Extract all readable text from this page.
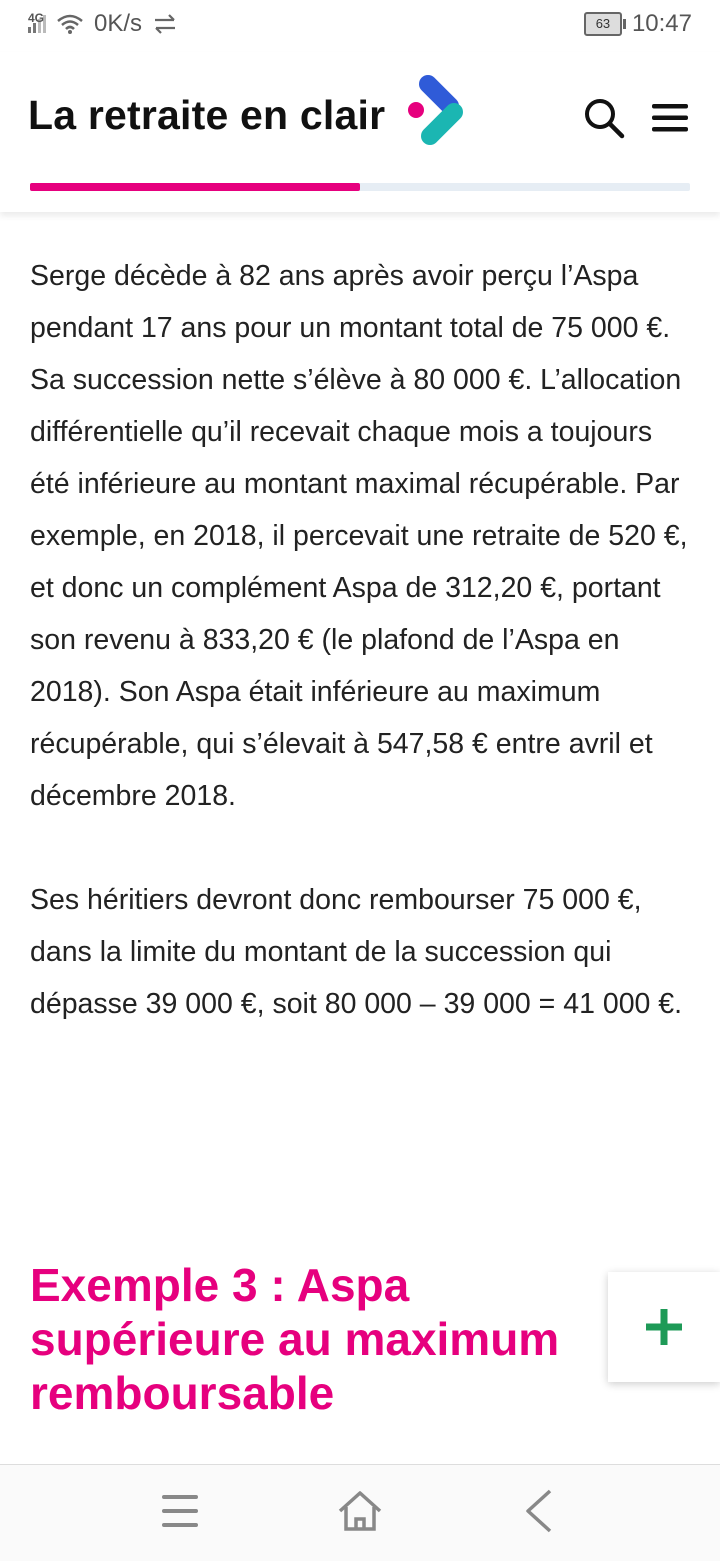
4G 0K/s	63 10:47
La retraite en clair

Serge décède à 82 ans après avoir perçu l’Aspa pendant 17 ans pour un montant total de 75 000 €. Sa succession nette s’élève à 80 000 €. L’allocation différentielle qu’il recevait chaque mois a toujours été inférieure au montant maximal récupérable. Par exemple, en 2018, il percevait une retraite de 520 €, et donc un complément Aspa de 312,20 €, portant son revenu à 833,20 € (le plafond de l’Aspa en 2018). Son Aspa était inférieure au maximum récupérable, qui s’élevait à 547,58 € entre avril et décembre 2018.

Ses héritiers devront donc rembourser 75 000 €, dans la limite du montant de la succession qui dépasse 39 000 €, soit 80 000 – 39 000 = 41 000 €.

Exemple 3 : Aspa supérieure au maximum remboursable
